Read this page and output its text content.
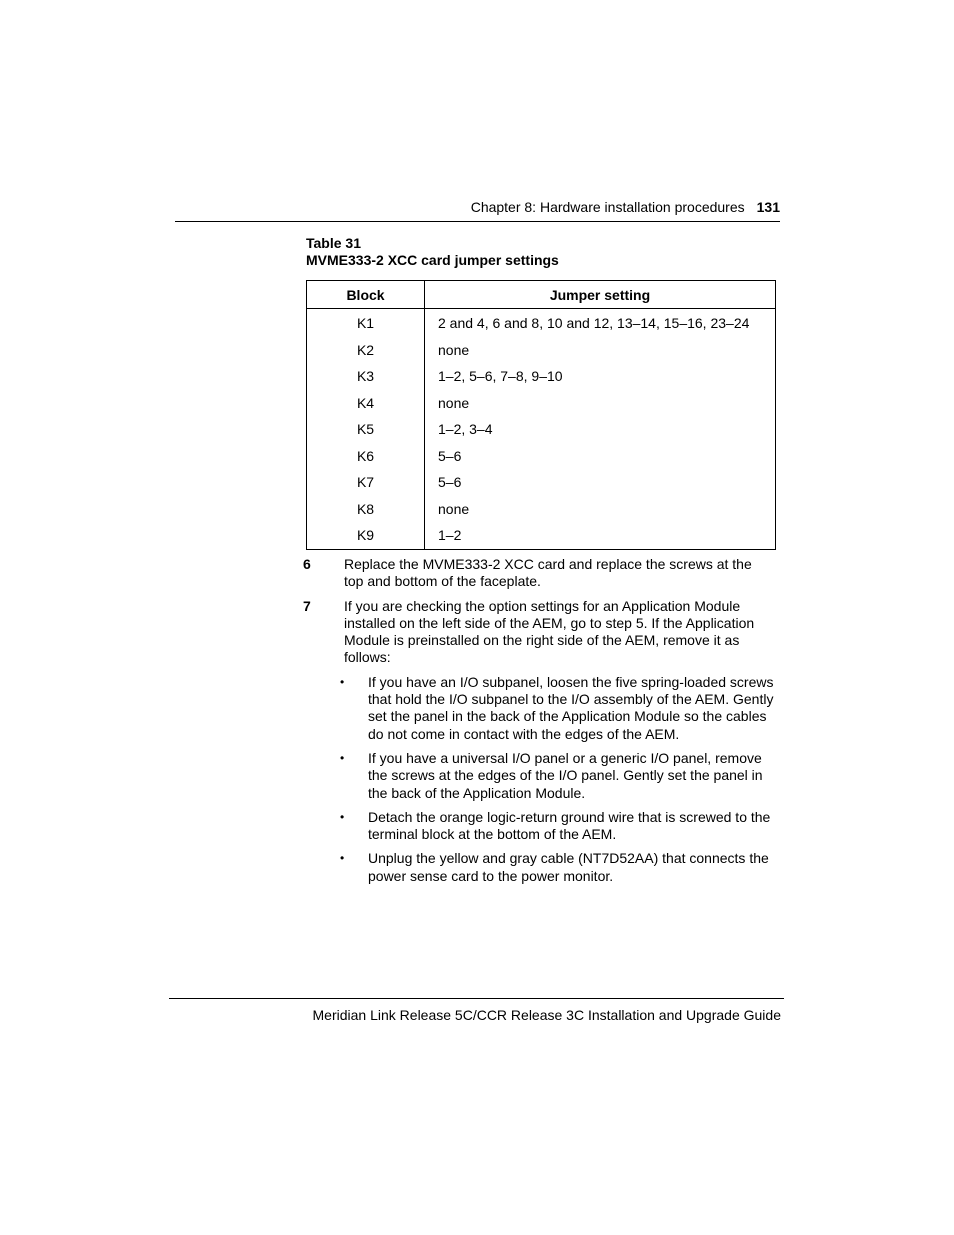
Chapter 8: Hardware installation procedures 131
Table 31
MVME333-2 XCC card jumper settings
Block	Jumper setting
K1	2 and 4, 6 and 8, 10 and 12, 13–14, 15–16, 23–24
K2	none
K3	1–2, 5–6, 7–8, 9–10
K4	none
K5	1–2, 3–4
K6	5–6
K7	5–6
K8	none
K9	1–2
6	Replace the MVME333-2 XCC card and replace the screws at the top and bottom of the faceplate.
7	If you are checking the option settings for an Application Module installed on the left side of the AEM, go to step 5. If the Application Module is preinstalled on the right side of the AEM, remove it as follows:
•	If you have an I/O subpanel, loosen the five spring-loaded screws that hold the I/O subpanel to the I/O assembly of the AEM. Gently set the panel in the back of the Application Module so the cables do not come in contact with the edges of the AEM.
•	If you have a universal I/O panel or a generic I/O panel, remove the screws at the edges of the I/O panel. Gently set the panel in the back of the Application Module.
•	Detach the orange logic-return ground wire that is screwed to the terminal block at the bottom of the AEM.
•	Unplug the yellow and gray cable (NT7D52AA) that connects the power sense card to the power monitor.
Meridian Link Release 5C/CCR Release 3C Installation and Upgrade Guide
